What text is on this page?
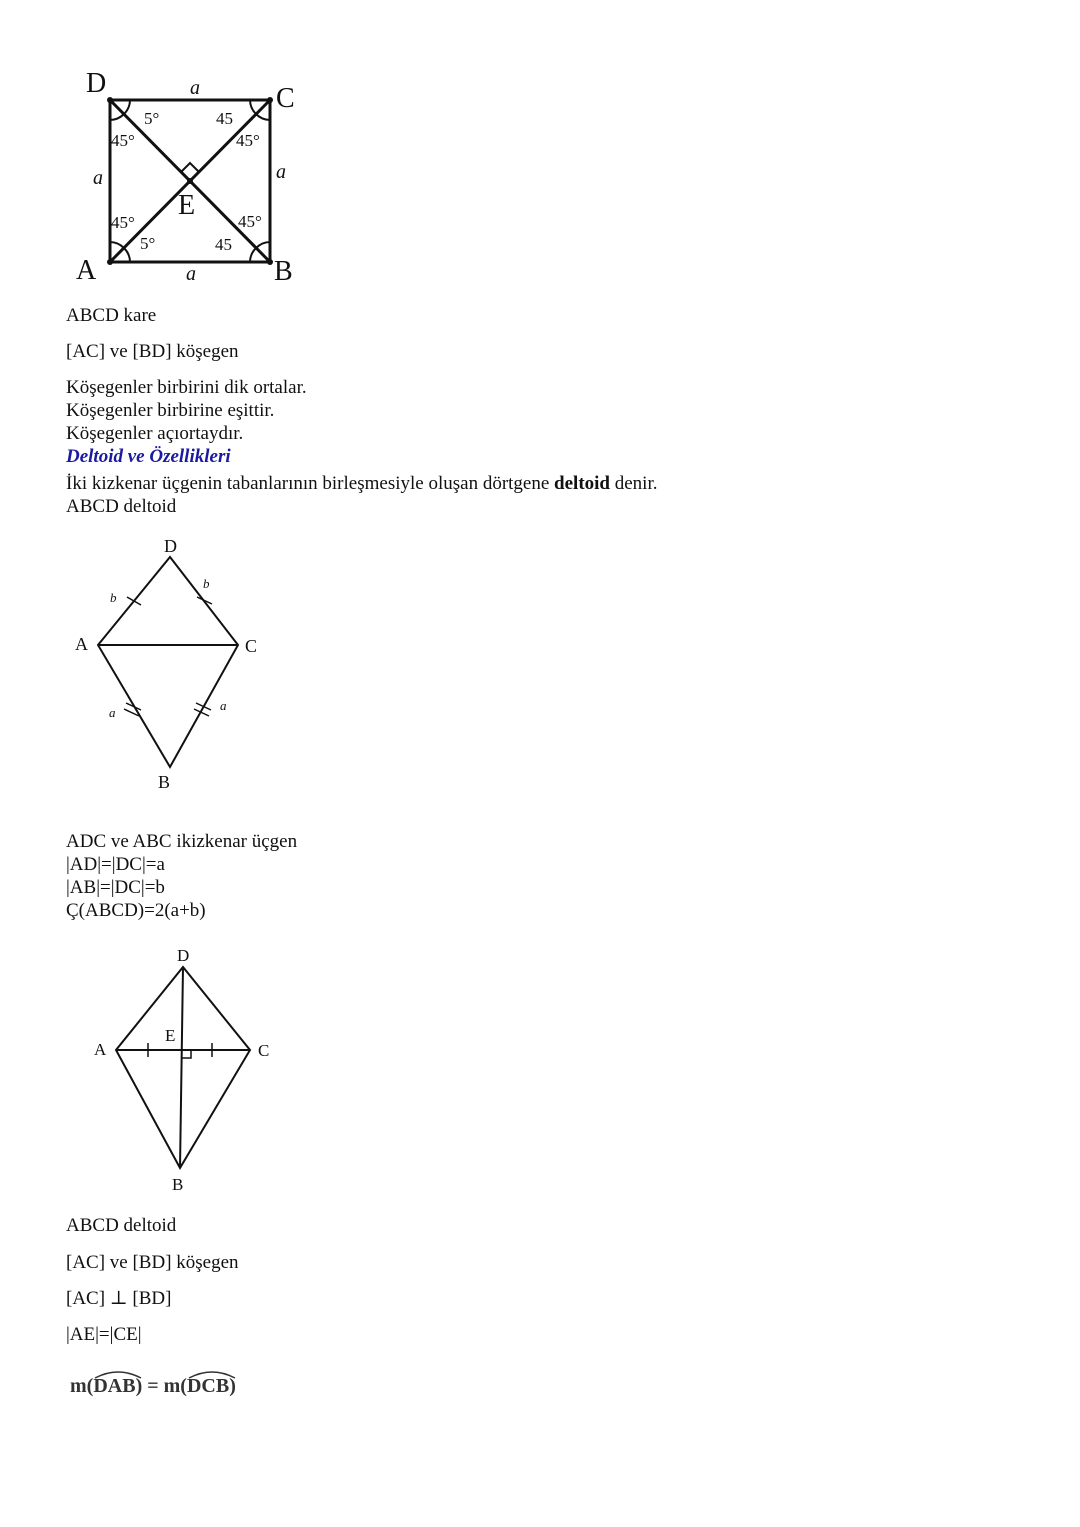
D	C
A	B
E
a
a	a
a
5°
45°
45
45°
45°
5°
45°
45
ABCD kare
[AC] ve [BD] köşegen
Köşegenler birbirini dik ortalar.
Köşegenler birbirine eşittir.
Köşegenler açıortaydır.
Deltoid ve Özellikleri
İki kizkenar üçgenin tabanlarının birleşmesiyle oluşan dörtgene deltoid denir.
ABCD deltoid
D
A	C
B
b
b
a	a
ADC ve ABC ikizkenar üçgen
|AD|=|DC|=a
|AB|=|DC|=b
Ç(ABCD)=2(a+b)
D
A	C
B
E
ABCD deltoid
[AC] ve [BD] köşegen
[AC] ⊥ [BD]
|AE|=|CE|
m(
DAB) = m(
DCB)
